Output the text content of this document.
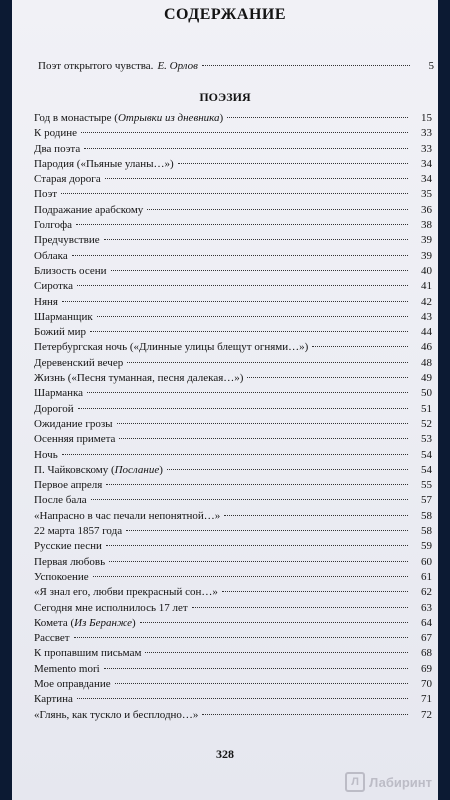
СОДЕРЖАНИЕ
Поэт открытого чувства. Е. Орлов	5
ПОЭЗИЯ
Год в монастыре ( Отрывки из дневника )	15
К родине	33
Два поэта	33
Пародия («Пьяные уланы…»)	34
Старая дорога	34
Поэт	35
Подражание арабскому	36
Голгофа	38
Предчувствие	39
Облака	39
Близость осени	40
Сиротка	41
Няня	42
Шарманщик	43
Божий мир	44
Петербургская ночь («Длинные улицы блещут огнями…»)	46
Деревенский вечер	48
Жизнь («Песня туманная, песня далекая…»)	49
Шарманка	50
Дорогой	51
Ожидание грозы	52
Осенняя примета	53
Ночь	54
П. Чайковскому ( Послание )	54
Первое апреля	55
После бала	57
«Напрасно в час печали непонятной…»	58
22 марта 1857 года	58
Русские песни	59
Первая любовь	60
Успокоение	61
«Я знал его, любви прекрасный сон…»	62
Сегодня мне исполнилось 17 лет	63
Комета ( Из Беранже )	64
Рассвет	67
К пропавшим письмам	68
Memento mori	69
Мое оправдание	70
Картина	71
«Глянь, как тускло и бесплодно…»	72
328
Л Лабиринт
